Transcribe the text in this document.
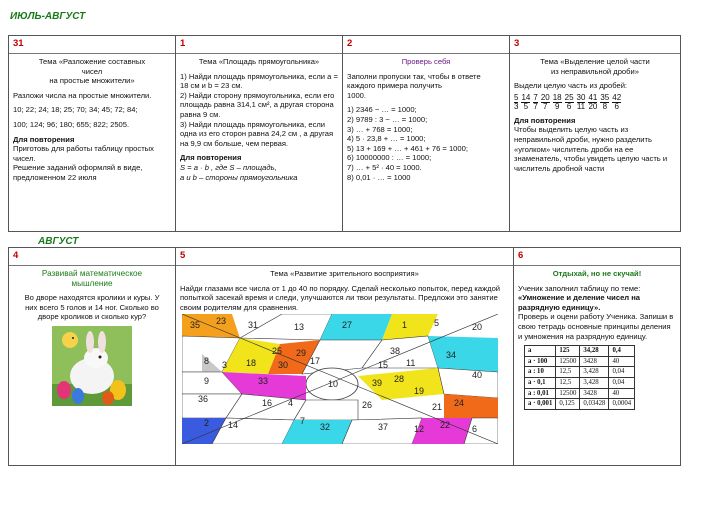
ИЮЛЬ-АВГУСТ
31
Тема «Разложение составных
чисел
на простые множители»
Разложи числа на простые множители.
10; 22; 24; 18; 25; 70; 34; 45; 72; 84;
100; 124; 96; 180; 655; 822; 2505.
Для повторения
Приготовь для работы таблицу простых чисел.
Решение заданий оформляй в виде, предложенном 22 июля

1
Тема «Площадь прямоугольника»
1) Найди площадь прямоугольника, если a = 18 см и b = 23 см.
2) Найди сторону прямоугольника, если его площадь равна 314,1 см², а другая сторона равна 9 см.
3) Найди площадь прямоугольника, если одна из его сторон равна 24,2 см , а другая на 9,9 см больше, чем первая.
Для повторения
S = a · b , где S – площадь,
a и b – стороны прямоугольника

2
Проверь себя
Заполни пропуски так, чтобы в ответе каждого примера получить
1000.
1) 2346 − … = 1000;
2) 9789 : 3 − … = 1000;
3) … + 768 = 1000;
4) 5 · 23,8 + … = 1000;
5) 13 + 169 + … + 461 + 76 = 1000;
6) 10000000 : … = 1000;
7) … + 5² · 40 = 1000.
8) 0,01 · … = 1000

3
Тема «Выделение целой части
из неправильной дроби»
Выдели целую часть из дробей:
$\frac{5}{3} \frac{14}{5} \frac{7}{7} \frac{20}{7} \frac{18}{9} \frac{25}{6} \frac{30}{11} \frac{41}{20} \frac{35}{8} \frac{42}{6}$
Для повторения
Чтобы выделить целую часть из неправильной дроби, нужно разделить «уголком» числитель дроби на ее знаменатель, чтобы увидеть целую часть и числитель дробной части
АВГУСТ
4
Развивай математическое
мышление
Во дворе находятся кролики и куры. У них всего 5 голов и 14 ног. Сколько во дворе кроликов и сколько кур?

5
Тема «Развитие зрительного восприятия»
Найди глазами все числа от 1 до 40 по порядку. Сделай несколько попыток, перед каждой попыткой засекай время и следи, улучшаются ли твои результаты. Предложи это занятие своим родителям для сравнения.
35 23 31	13	27	1	5	20
25 29
17
18 30
8 3
38
11
34
15
40
10	28
9	33
36	16 4
39
19
2
24
21
14	7
32	37	22 6
12
26

6
Отдыхай, но не скучай!
Ученик заполнил таблицу по теме:
«Умножение и деление чисел на разрядную единицу».
Проверь и оцени работу Ученика. Запиши в свою тетрадь основные принципы деления и умножения на разрядную единицу.
a	125	34,28	0,4
a · 100	12500	3428	40
a : 10	12,5	3,428	0,04
a · 0,1	12,5	3,428	0,04
a : 0,01	12500	3428	40
a · 0,001	0,125	0,03428	0,0004
